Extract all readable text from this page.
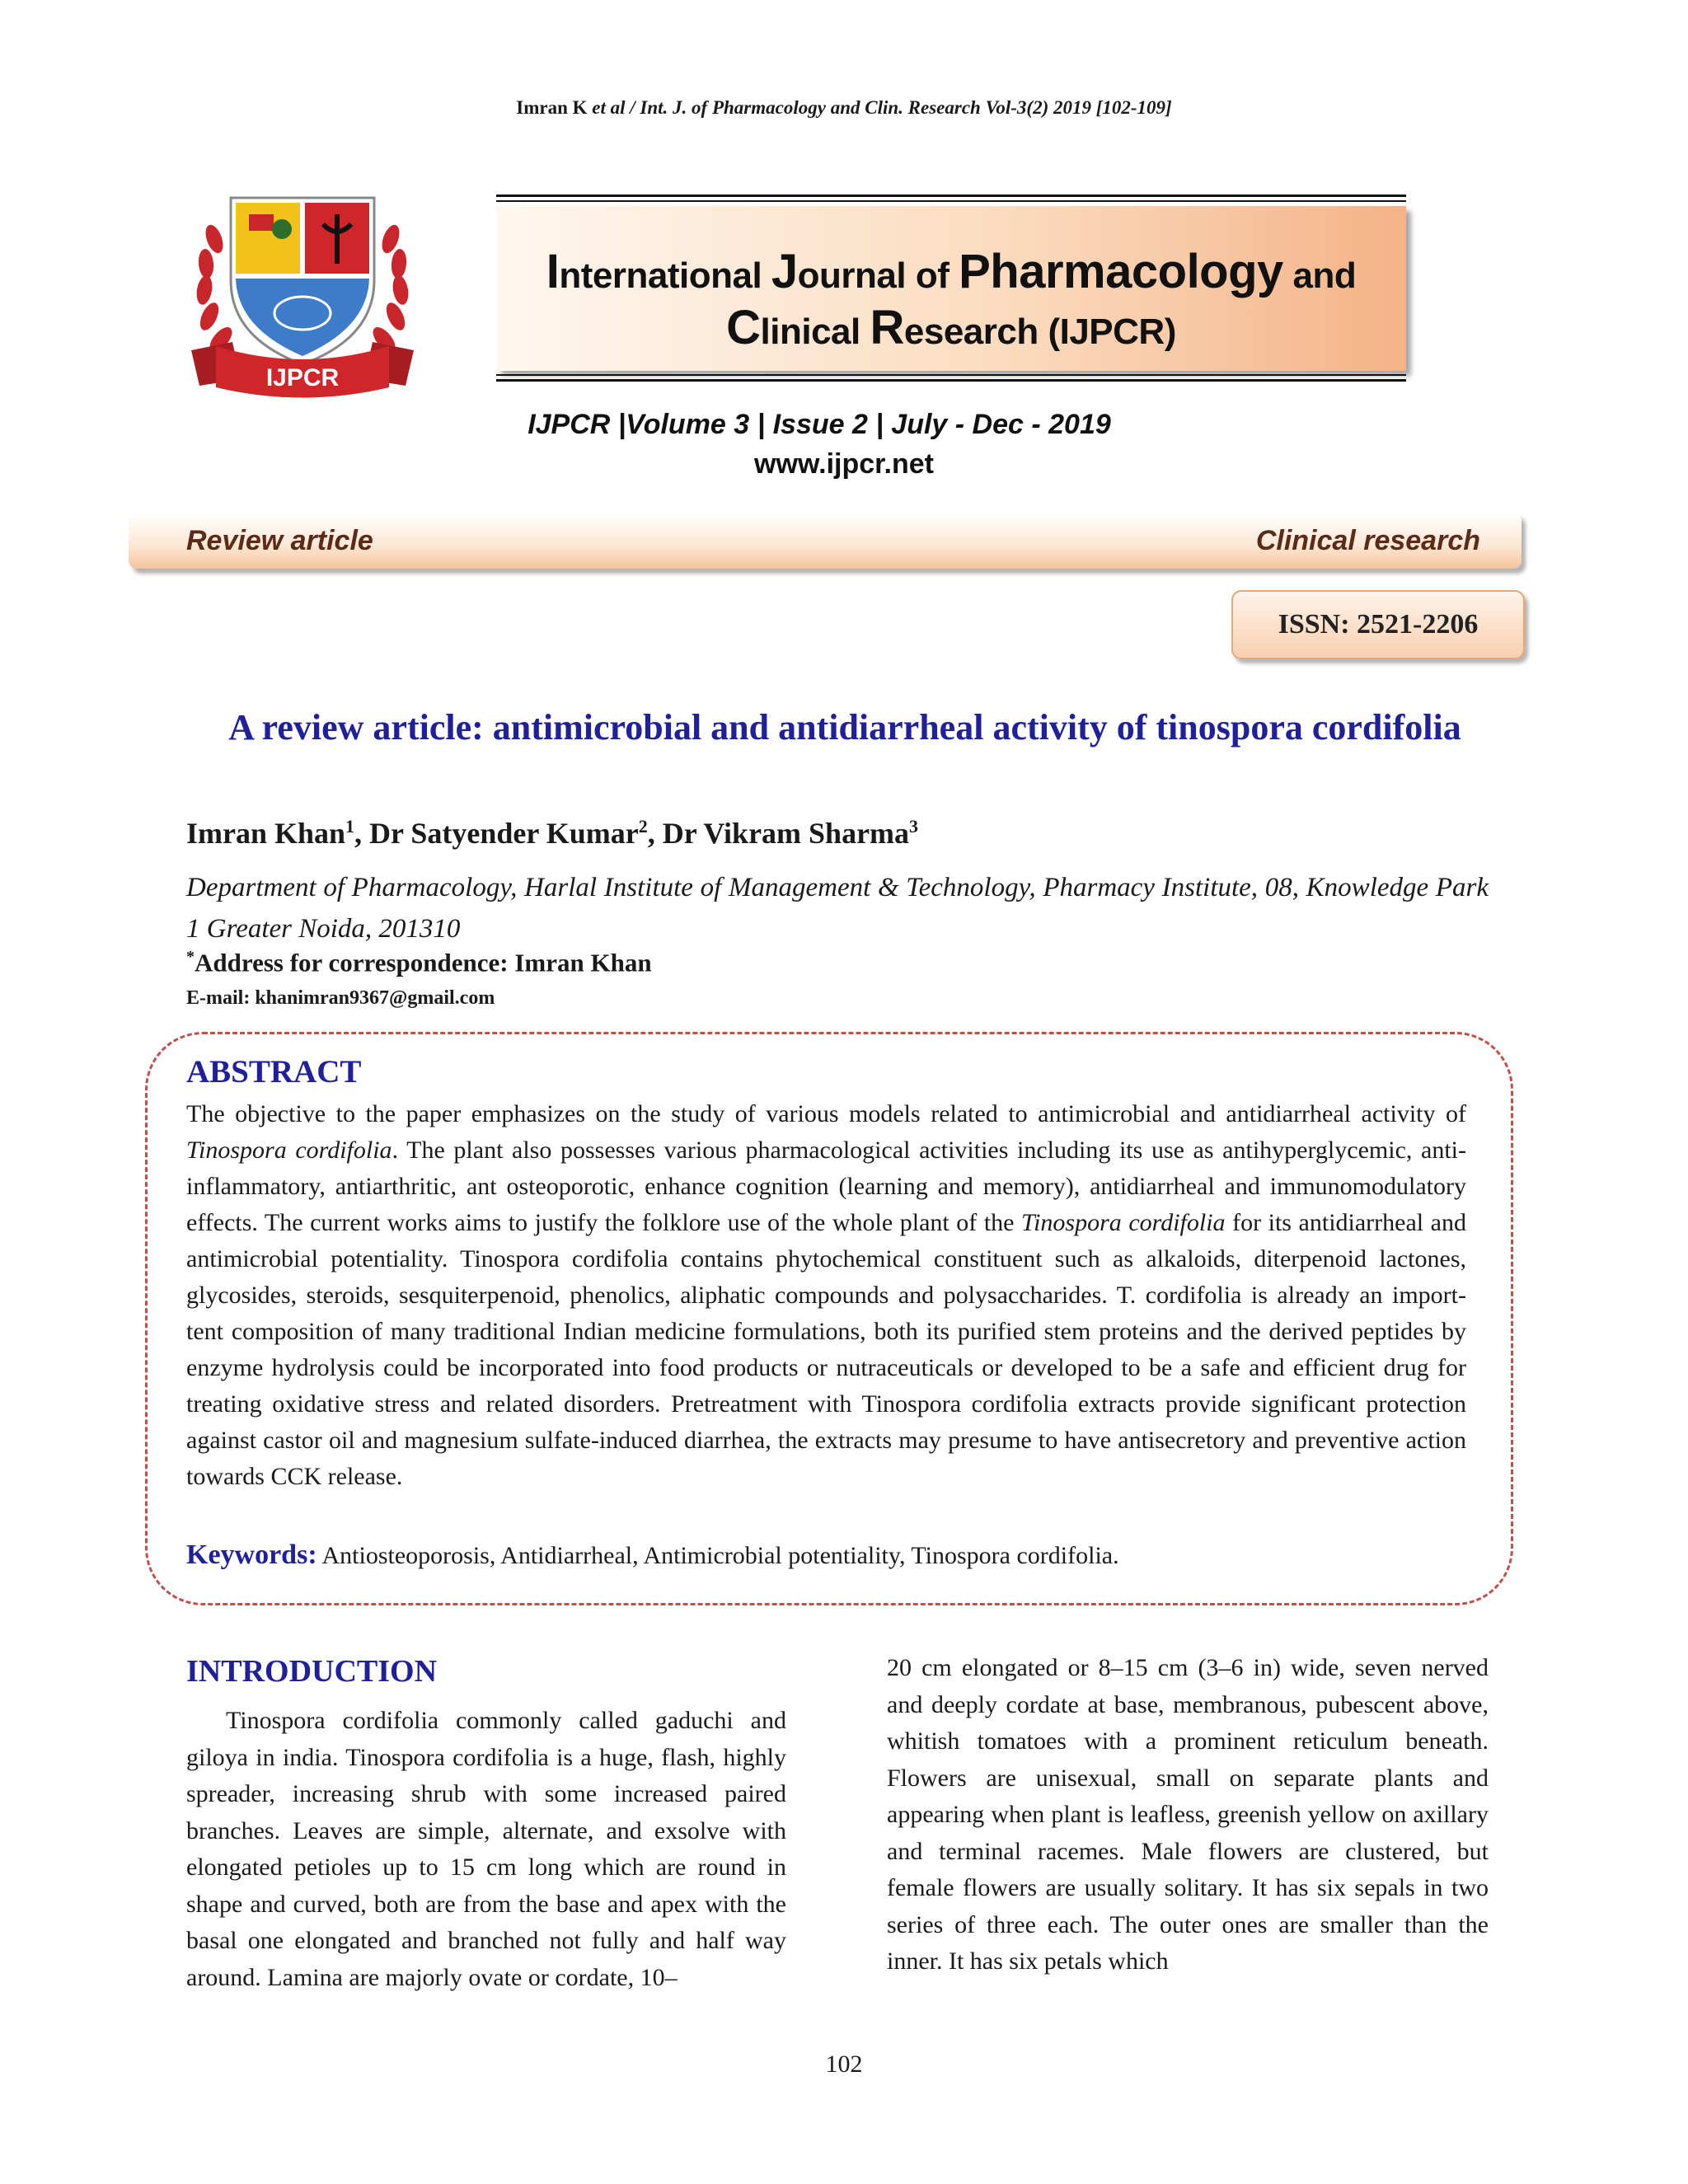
Imran K et al / Int. J. of Pharmacology and Clin. Research Vol-3(2) 2019 [102-109]
IJPCR
International Journal of Pharmacology and
Clinical Research (IJPCR)
IJPCR |Volume 3 | Issue 2 | July - Dec - 2019
www.ijpcr.net
Review article	Clinical research
ISSN: 2521-2206
A review article: antimicrobial and antidiarrheal activity of tinospora cordifolia
Imran Khan$^1$, Dr Satyender Kumar$^2$, Dr Vikram Sharma$^3$
Department of Pharmacology, Harlal Institute of Management & Technology, Pharmacy Institute, 08, Knowledge Park 1 Greater Noida, 201310
*Address for correspondence: Imran Khan
E-mail: khanimran9367@gmail.com
ABSTRACT
The objective to the paper emphasizes on the study of various models related to antimicrobial and antidiarrheal activity of Tinospora cordifolia. The plant also possesses various pharmacological activities including its use as antihyperglycemic, anti-inflammatory, antiarthritic, ant osteoporotic, enhance cognition (learning and memory), antidiarrheal and immunomodulatory effects. The current works aims to justify the folklore use of the whole plant of the Tinospora cordifolia for its antidiarrheal and antimicrobial potentiality. Tinospora cordifolia contains phytochemical constituent such as alkaloids, diterpenoid lactones, glycosides, steroids, sesquiterpenoid, phenolics, aliphatic compounds and polysaccharides. T. cordifolia is already an import- tent composition of many traditional Indian medicine formulations, both its purified stem proteins and the derived peptides by enzyme hydrolysis could be incorporated into food products or nutraceuticals or developed to be a safe and efficient drug for treating oxidative stress and related disorders. Pretreatment with Tinospora cordifolia extracts provide significant protection against castor oil and magnesium sulfate‑induced diarrhea, the extracts may presume to have antisecretory and preventive action towards CCK release.
Keywords: Antiosteoporosis, Antidiarrheal, Antimicrobial potentiality, Tinospora cordifolia.
INTRODUCTION
Tinospora cordifolia commonly called gaduchi and giloya in india. Tinospora cordifolia is a huge, flash, highly spreader, increasing shrub with some increased paired branches. Leaves are simple, alternate, and exsolve with elongated petioles up to 15 cm long which are round in shape and curved, both are from the base and apex with the basal one elongated and branched not fully and half way around. Lamina are majorly ovate or cordate, 10–
20 cm elongated or 8–15 cm (3–6 in) wide, seven nerved and deeply cordate at base, membranous, pubescent above, whitish tomatoes with a prominent reticulum beneath. Flowers are unisexual, small on separate plants and appearing when plant is leafless, greenish yellow on axillary and terminal racemes. Male flowers are clustered, but female flowers are usually solitary. It has six sepals in two series of three each. The outer ones are smaller than the inner. It has six petals which
102
